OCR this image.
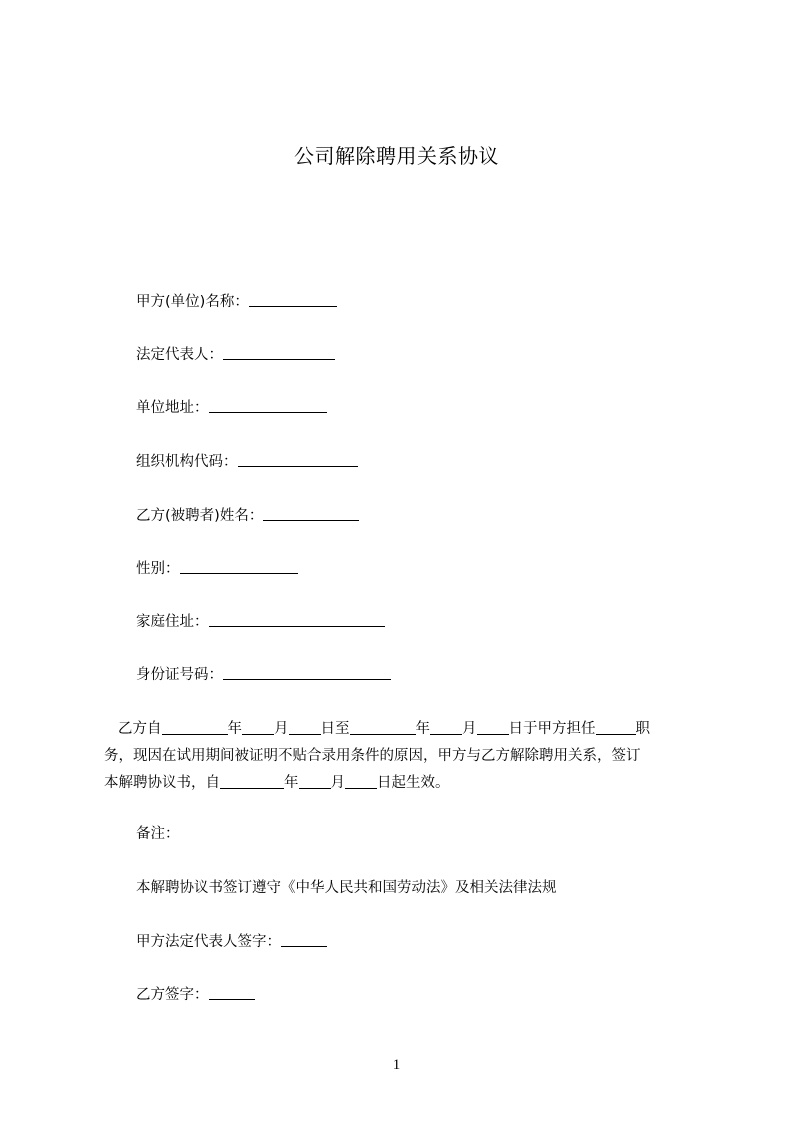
公司解除聘用关系协议
甲方(单位)名称：
法定代表人：
单位地址：
组织机构代码：
乙方(被聘者)姓名：
性别：
家庭住址：
身份证号码：
乙方自	年 月 日至	年 月 日于甲方担任	职
务，现因在试用期间被证明不贴合录用条件的原因，甲方与乙方解除聘用关系，签订
本解聘协议书，自	年 月 日起生效。
备注：
本解聘协议书签订遵守《中华人民共和国劳动法》及相关法律法规
甲方法定代表人签字：
乙方签字：
1
